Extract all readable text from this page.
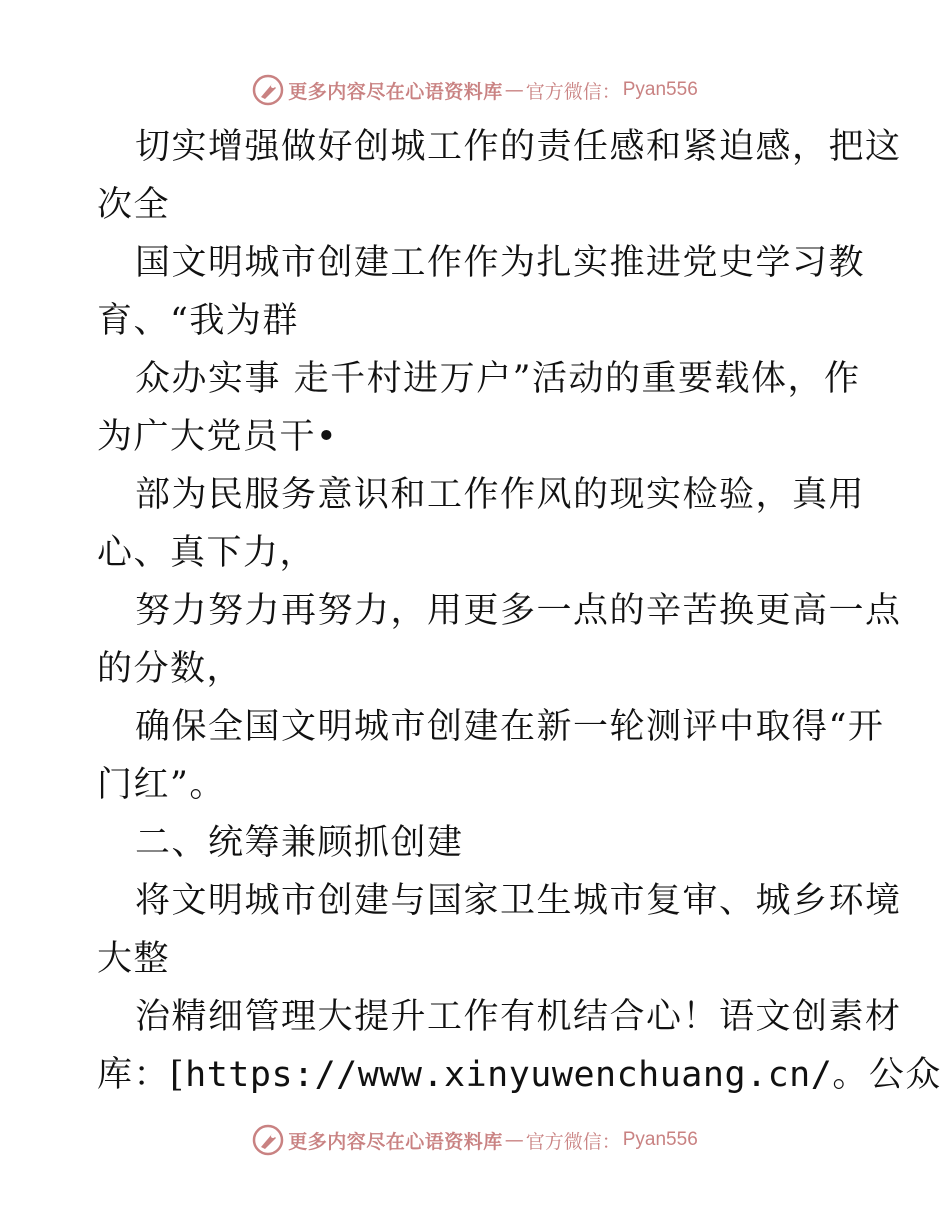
更多内容尽在心语资料库 — 官方微信： Pyan556
切实增强做好创城工作的责任感和紧迫感，把这
次全
国文明城市创建工作作为扎实推进党史学习教
育、“我为群
众办实事 走千村进万户”活动的重要载体，作
为广大党员干•
部为民服务意识和工作作风的现实检验，真用
心、真下力，
努力努力再努力，用更多一点的辛苦换更高一点
的分数，
确保全国文明城市创建在新一轮测评中取得“开
门红”。
二、统筹兼顾抓创建
将文明城市创建与国家卫生城市复审、城乡环境
大整
治精细管理大提升工作有机结合心！语文创素材
库：[https://www.xinyuwenchuang.cn/。公众
更多内容尽在心语资料库 — 官方微信： Pyan556
